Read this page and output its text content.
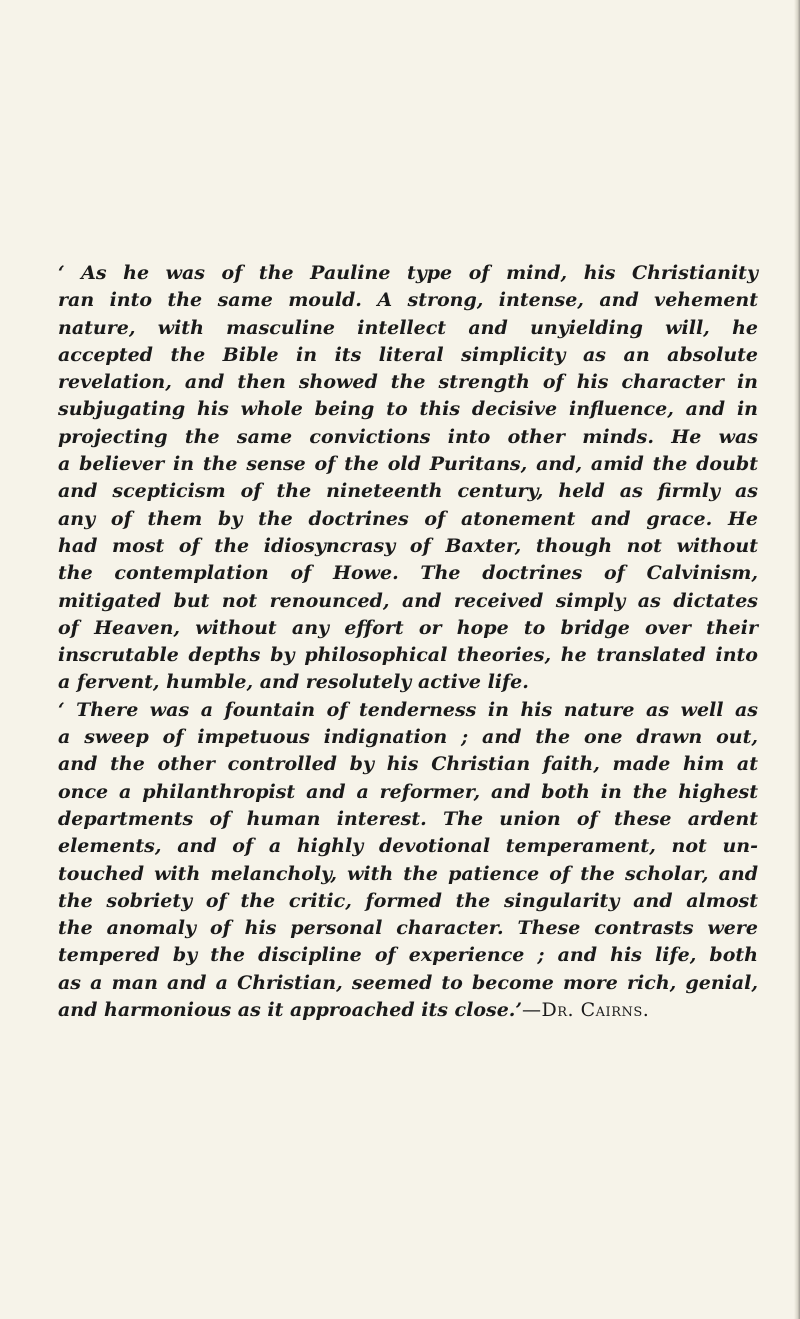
‘ As he was of the Pauline type of mind, his Christianity
ran into the same mould. A strong, intense, and vehement
nature, with masculine intellect and unyielding will, he
accepted the Bible in its literal simplicity as an absolute
revelation, and then showed the strength of his character in
subjugating his whole being to this decisive influence, and in
projecting the same convictions into other minds. He was
a believer in the sense of the old Puritans, and, amid the doubt
and scepticism of the nineteenth century, held as firmly as
any of them by the doctrines of atonement and grace. He
had most of the idiosyncrasy of Baxter, though not without
the contemplation of Howe. The doctrines of Calvinism,
mitigated but not renounced, and received simply as dictates
of Heaven, without any effort or hope to bridge over their
inscrutable depths by philosophical theories, he translated into
a fervent, humble, and resolutely active life.
‘ There was a fountain of tenderness in his nature as well as
a sweep of impetuous indignation ; and the one drawn out,
and the other controlled by his Christian faith, made him at
once a philanthropist and a reformer, and both in the highest
departments of human interest. The union of these ardent
elements, and of a highly devotional temperament, not un-
touched with melancholy, with the patience of the scholar, and
the sobriety of the critic, formed the singularity and almost
the anomaly of his personal character. These contrasts were
tempered by the discipline of experience ; and his life, both
as a man and a Christian, seemed to become more rich, genial,
and harmonious as it approached its close.’—Dr. Cairns.
